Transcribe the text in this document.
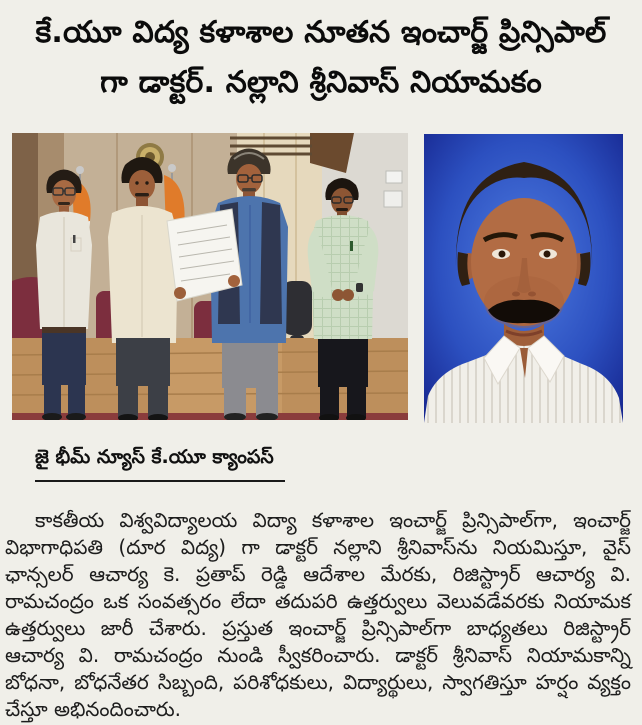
కే.యూ విద్య కళాశాల నూతన ఇంచార్జ్ ప్రిన్సిపాల్
గా డాక్టర్. నల్లాని శ్రీనివాస్ నియామకం
జై భీమ్ న్యూస్ కే.యూ క్యాంపస్

కాకతీయ విశ్వవిద్యాలయ విద్యా కళాశాల ఇంచార్జ్ ప్రిన్సిపాల్‌గా, ఇంచార్జ్ విభాగాధిపతి (దూర విద్య) గా డాక్టర్ నల్లాని శ్రీనివాస్‌ను నియమిస్తూ, వైస్ ఛాన్సలర్ ఆచార్య కె. ప్రతాప్ రెడ్డి ఆదేశాల మేరకు, రిజిస్ట్రార్ ఆచార్య వి. రామచంద్రం ఒక సంవత్సరం లేదా తదుపరి ఉత్తర్వులు వెలువడేవరకు నియామక ఉత్తర్వులు జారీ చేశారు. ప్రస్తుత ఇంచార్జ్ ప్రిన్సిపాల్‌గా బాధ్యతలు రిజిస్ట్రార్ ఆచార్య వి. రామచంద్రం నుండి స్వీకరించారు. డాక్టర్ శ్రీనివాస్ నియామకాన్ని బోధనా, బోధనేతర సిబ్బంది, పరిశోధకులు, విద్యార్థులు, స్వాగతిస్తూ హర్షం వ్యక్తం చేస్తూ అభినందించారు.
